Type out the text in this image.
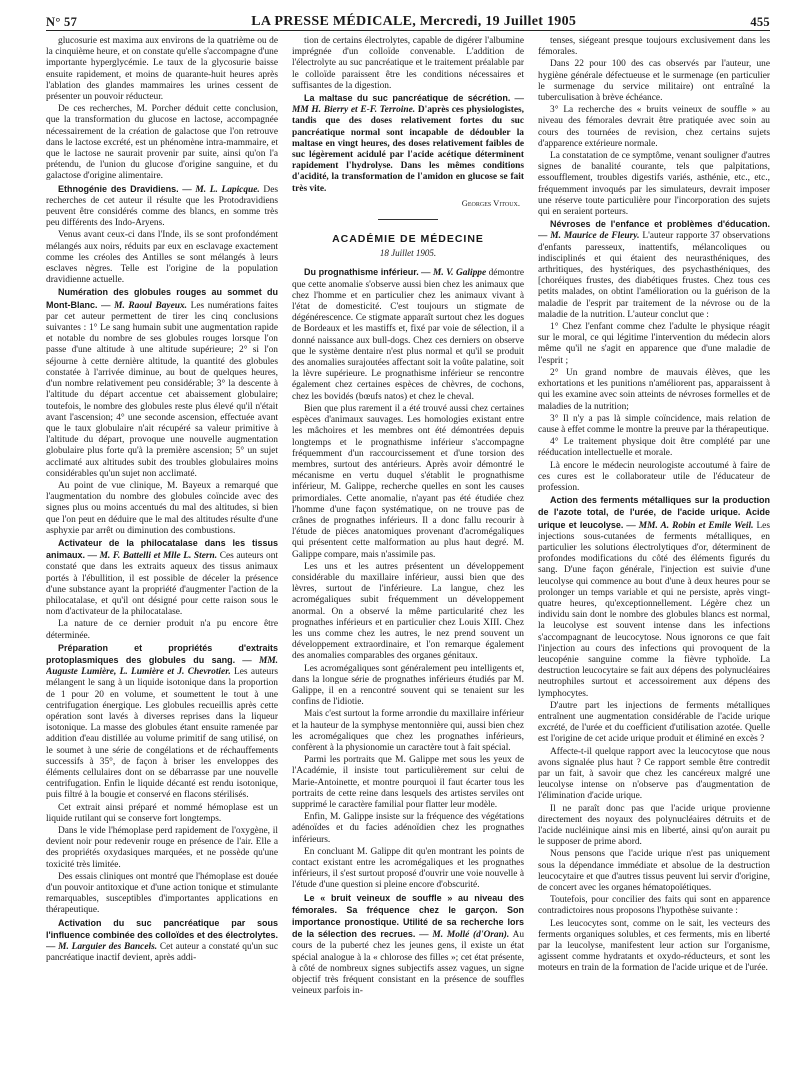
N° 57	LA PRESSE MÉDICALE, Mercredi, 19 Juillet 1905	455

glucosurie est maxima aux environs de la quatrième ou de la cinquième heure, et on constate qu'elle s'accompagne d'une importante hyperglycémie. Le taux de la glycosurie baisse ensuite rapidement, et moins de quarante-huit heures après l'ablation des glandes mammaires les urines cessent de présenter un pouvoir réducteur.

De ces recherches, M. Porcher déduit cette conclusion, que la transformation du glucose en lactose, accompagnée nécessairement de la création de galactose que l'on retrouve dans le lactose excrété, est un phénomène intra-mammaire, et que le lactose ne saurait provenir par suite, ainsi qu'on l'a prétendu, de l'union du glucose d'origine sanguine, et du galactose d'origine alimentaire.

Ethnogénie des Dravidiens. — M. L. Lapicque. Des recherches de cet auteur il résulte que les Protodravidiens peuvent être considérés comme des blancs, en somme très peu différents des Indo-Aryens.

Venus avant ceux-ci dans l'Inde, ils se sont profondément mélangés aux noirs, réduits par eux en esclavage exactement comme les créoles des Antilles se sont mélangés à leurs esclaves nègres. Telle est l'origine de la population dravidienne actuelle.

Numération des globules rouges au sommet du Mont-Blanc. — M. Raoul Bayeux. Les numérations faites par cet auteur permettent de tirer les cinq conclusions suivantes : 1° Le sang humain subit une augmentation rapide et notable du nombre de ses globules rouges lorsque l'on passe d'une altitude à une altitude supérieure; 2° si l'on séjourne à cette dernière altitude, la quantité des globules constatée à l'arrivée diminue, au bout de quelques heures, d'un nombre relativement peu considérable; 3° la descente à l'altitude du départ accentue cet abaissement globulaire; toutefois, le nombre des globules reste plus élevé qu'il n'était avant l'ascension; 4° une seconde ascension, effectuée avant que le taux globulaire n'ait récupéré sa valeur primitive à l'altitude du départ, provoque une nouvelle augmentation globulaire plus forte qu'à la première ascension; 5° un sujet acclimaté aux altitudes subit des troubles globulaires moins considérables qu'un sujet non acclimaté.

Au point de vue clinique, M. Bayeux a remarqué que l'augmentation du nombre des globules coïncide avec des signes plus ou moins accentués du mal des altitudes, si bien que l'on peut en déduire que le mal des altitudes résulte d'une asphyxie par arrêt ou diminution des combustions.

Activateur de la philocatalase dans les tissus animaux. — M. F. Battelli et Mlle L. Stern. Ces auteurs ont constaté que dans les extraits aqueux des tissus animaux portés à l'ébullition, il est possible de déceler la présence d'une substance ayant la propriété d'augmenter l'action de la philocatalase, et qu'il ont désigné pour cette raison sous le nom d'activateur de la philocatalase.

La nature de ce dernier produit n'a pu encore être déterminée.

Préparation et propriétés d'extraits protoplasmiques des globules du sang. — MM. Auguste Lumière, L. Lumière et J. Chevrotier. Les auteurs mélangent le sang à un liquide isotonique dans la proportion de 1 pour 20 en volume, et soumettent le tout à une centrifugation énergique. Les globules recueillis après cette opération sont lavés à diverses reprises dans la liqueur isotonique. La masse des globules étant ensuite ramenée par addition d'eau distillée au volume primitif de sang utilisé, on le soumet à une série de congélations et de réchauffements successifs à 35°, de façon à briser les enveloppes des éléments cellulaires dont on se débarrasse par une nouvelle centrifugation. Enfin le liquide décanté est rendu isotonique, puis filtré à la bougie et conservé en flacons stérilisés.

Cet extrait ainsi préparé et nommé hémoplase est un liquide rutilant qui se conserve fort longtemps.

Dans le vide l'hémoplase perd rapidement de l'oxygène, il devient noir pour redevenir rouge en présence de l'air. Elle a des propriétés oxydasiques marquées, et ne possède qu'une toxicité très limitée.

Des essais cliniques ont montré que l'hémoplase est douée d'un pouvoir antitoxique et d'une action tonique et stimulante remarquables, susceptibles d'importantes applications en thérapeutique.

Activation du suc pancréatique par sous l'influence combinée des colloïdes et des électrolytes. — M. Larguier des Bancels. Cet auteur a constaté qu'un suc pancréatique inactif devient, après addi-

tion de certains électrolytes, capable de digérer l'albumine imprégnée d'un colloïde convenable. L'addition de l'électrolyte au suc pancréatique et le traitement préalable par le colloïde paraissent être les conditions nécessaires et suffisantes de la digestion.

La maltase du suc pancréatique de sécrétion. — MM H. Bierry et E-F. Terroine. D'après ces physiologistes, tandis que des doses relativement fortes du suc pancréatique normal sont incapable de dédoubler la maltase en vingt heures, des doses relativement faibles de suc légèrement acidulé par l'acide acétique déterminent rapidement l'hydrolyse. Dans les mêmes conditions d'acidité, la transformation de l'amidon en glucose se fait très vite.

Georges Vitoux.
ACADÉMIE DE MÉDECINE
18 Juillet 1905.

Du prognathisme inférieur. — M. V. Galippe démontre que cette anomalie s'observe aussi bien chez les animaux que chez l'homme et en particulier chez les animaux vivant à l'état de domesticité. C'est toujours un stigmate de dégénérescence. Ce stigmate apparaît surtout chez les dogues de Bordeaux et les mastiffs et, fixé par voie de sélection, il a donné naissance aux bull-dogs. Chez ces derniers on observe que le système dentaire n'est plus normal et qu'il se produit des anomalies surajoutées affectant soit la voûte palatine, soit la lèvre supérieure. Le prognathisme inférieur se rencontre également chez certaines espèces de chèvres, de cochons, chez les bovidés (bœufs natos) et chez le cheval.

Bien que plus rarement il a été trouvé aussi chez certaines espèces d'animaux sauvages. Les homologies existant entre les mâchoires et les membres ont été démontrées depuis longtemps et le prognathisme inférieur s'accompagne fréquemment d'un raccourcissement et d'une torsion des membres, surtout des antérieurs. Après avoir démontré le mécanisme en vertu duquel s'établit le prognathisme inférieur, M. Galippe, recherche quelles en sont les causes primordiales. Cette anomalie, n'ayant pas été étudiée chez l'homme d'une façon systématique, on ne trouve pas de crânes de prognathes inférieurs. Il a donc fallu recourir à l'étude de pièces anatomiques provenant d'acromégaliques qui présentent cette malformation au plus haut degré. M. Galippe compare, mais n'assimile pas.

Les uns et les autres présentent un développement considérable du maxillaire inférieur, aussi bien que des lèvres, surtout de l'inférieure. La langue, chez les acromégaliques subit fréquemment un développement anormal. On a observé la même particularité chez les prognathes inférieurs et en particulier chez Louis XIII. Chez les uns comme chez les autres, le nez prend souvent un développement extraordinaire, et l'on remarque également des anomalies comparables des organes génitaux.

Les acromégaliques sont généralement peu intelligents et, dans la longue série de prognathes inférieurs étudiés par M. Galippe, il en a rencontré souvent qui se tenaient sur les confins de l'idiotie.

Mais c'est surtout la forme arrondie du maxillaire inférieur et la hauteur de la symphyse mentonnière qui, aussi bien chez les acromégaliques que chez les prognathes inférieurs, confèrent à la physionomie un caractère tout à fait spécial.

Parmi les portraits que M. Galippe met sous les yeux de l'Académie, il insiste tout particulièrement sur celui de Marie-Antoinette, et montre pourquoi il faut écarter tous les portraits de cette reine dans lesquels des artistes serviles ont supprimé le caractère familial pour flatter leur modèle.

Enfin, M. Galippe insiste sur la fréquence des végétations adénoïdes et du facies adénoïdien chez les prognathes inférieurs.

En concluant M. Galippe dit qu'en montrant les points de contact existant entre les acromégaliques et les prognathes inférieurs, il s'est surtout proposé d'ouvrir une voie nouvelle à l'étude d'une question si pleine encore d'obscurité.

Le « bruit veineux de souffle » au niveau des fémorales. Sa fréquence chez le garçon. Son importance pronostique. Utilité de sa recherche lors de la sélection des recrues. — M. Mollé (d'Oran). Au cours de la puberté chez les jeunes gens, il existe un état spécial analogue à la « chlorose des filles »; cet état présente, à côté de nombreux signes subjectifs assez vagues, un signe objectif très fréquent consistant en la présence de souffles veineux parfois in-

tenses, siégeant presque toujours exclusivement dans les fémorales.

Dans 22 pour 100 des cas observés par l'auteur, une hygiène générale défectueuse et le surmenage (en particulier le surmenage du service militaire) ont entraîné la tuberculisation à brève échéance.

3° La recherche des « bruits veineux de souffle » au niveau des fémorales devrait être pratiquée avec soin au cours des tournées de revision, chez certains sujets d'apparence extérieure normale.

La constatation de ce symptôme, venant souligner d'autres signes de banalité courante, tels que palpitations, essoufflement, troubles digestifs variés, asthénie, etc., etc., fréquemment invoqués par les simulateurs, devrait imposer une réserve toute particulière pour l'incorporation des sujets qui en seraient porteurs.

Névroses de l'enfance et problèmes d'éducation. — M. Maurice de Fleury. L'auteur rapporte 37 observations d'enfants paresseux, inattentifs, mélancoliques ou indisciplinés et qui étaient des neurasthéniques, des arthritiques, des hystériques, des psychasthéniques, des [choréiques frustes, des diabétiques frustes. Chez tous ces petits malades, on obtint l'amélioration ou la guérison de la maladie de l'esprit par traitement de la névrose ou de la maladie de la nutrition. L'auteur conclut que :

1° Chez l'enfant comme chez l'adulte le physique réagit sur le moral, ce qui légitime l'intervention du médecin alors même qu'il ne s'agit en apparence que d'une maladie de l'esprit ;

2° Un grand nombre de mauvais élèves, que les exhortations et les punitions n'améliorent pas, apparaissent à qui les examine avec soin atteints de névroses formelles et de maladies de la nutrition;

3° Il n'y a pas là simple coïncidence, mais relation de cause à effet comme le montre la preuve par la thérapeutique.

4° Le traitement physique doit être complété par une rééducation intellectuelle et morale.

Là encore le médecin neurologiste accoutumé à faire de ces cures est le collaborateur utile de l'éducateur de profession.

Action des ferments métalliques sur la production de l'azote total, de l'urée, de l'acide urique. Acide urique et leucolyse. — MM. A. Robin et Emile Weil. Les injections sous-cutanées de ferments métalliques, en particulier les solutions électrolytiques d'or, déterminent de profondes modifications du côté des éléments figurés du sang. D'une façon générale, l'injection est suivie d'une leucolyse qui commence au bout d'une à deux heures pour se prolonger un temps variable et qui ne persiste, après vingt-quatre heures, qu'exceptionnellement. Légère chez un individu sain dont le nombre des globules blancs est normal, la leucolyse est souvent intense dans les infections s'accompagnant de leucocytose. Nous ignorons ce que fait l'injection au cours des infections qui provoquent de la leucopénie sanguine comme la fièvre typhoïde. La destruction leucocytaire se fait aux dépens des polynucléaires neutrophiles surtout et accessoirement aux dépens des lymphocytes.

D'autre part les injections de ferments métalliques entraînent une augmentation considérable de l'acide urique excrété, de l'urée et du coefficient d'utilisation azotée. Quelle est l'origine de cet acide urique produit et éliminé en excès ?

Affecte-t-il quelque rapport avec la leucocytose que nous avons signalée plus haut ? Ce rapport semble être contredit par un fait, à savoir que chez les cancéreux malgré une leucolyse intense on n'observe pas d'augmentation de l'élimination d'acide urique.

Il ne paraît donc pas que l'acide urique provienne directement des noyaux des polynucléaires détruits et de l'acide nucléinique ainsi mis en liberté, ainsi qu'on aurait pu le supposer de prime abord.

Nous pensons que l'acide urique n'est pas uniquement sous la dépendance immédiate et absolue de la destruction leucocytaire et que d'autres tissus peuvent lui servir d'origine, de concert avec les organes hématopoïétiques.

Toutefois, pour concilier des faits qui sont en apparence contradictoires nous proposons l'hypothèse suivante :

Les leucocytes sont, comme on le sait, les vecteurs des ferments organiques solubles, et ces ferments, mis en liberté par la leucolyse, manifestent leur action sur l'organisme, agissent comme hydratants et oxydo-réducteurs, et sont les moteurs en train de la formation de l'acide urique et de l'urée.
